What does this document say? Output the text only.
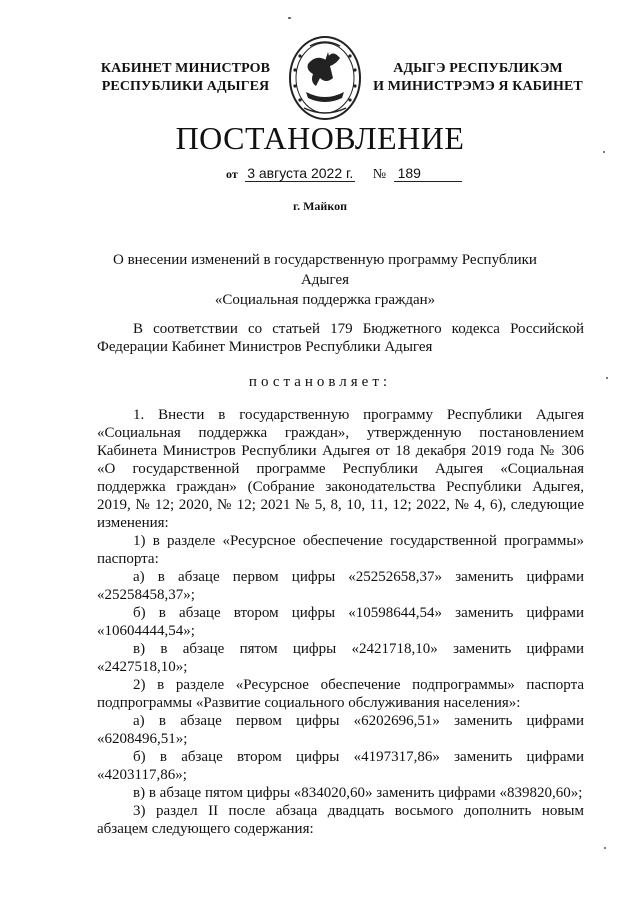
КАБИНЕТ МИНИСТРОВ
РЕСПУБЛИКИ АДЫГЕЯ
АДЫГЭ РЕСПУБЛИКЭМ
И МИНИСТРЭМЭ Я КАБИНЕТ
ПОСТАНОВЛЕНИЕ
от 3 августа 2022 г. № 189
г. Майкоп
О внесении изменений в государственную программу Республики Адыгея
«Социальная поддержка граждан»

В соответствии со статьей 179 Бюджетного кодекса Российской Федерации Кабинет Министров Республики Адыгея

постановляет:

1. Внести в государственную программу Республики Адыгея «Социальная поддержка граждан», утвержденную постановлением Кабинета Министров Республики Адыгея от 18 декабря 2019 года № 306 «О государственной программе Республики Адыгея «Социальная поддержка граждан» (Собрание законодательства Республики Адыгея, 2019, № 12; 2020, № 12; 2021 № 5, 8, 10, 11, 12; 2022, № 4, 6), следующие изменения:

1) в разделе «Ресурсное обеспечение государственной программы» паспорта:

а) в абзаце первом цифры «25252658,37» заменить цифрами «25258458,37»;

б) в абзаце втором цифры «10598644,54» заменить цифрами «10604444,54»;

в) в абзаце пятом цифры «2421718,10» заменить цифрами «2427518,10»;

2) в разделе «Ресурсное обеспечение подпрограммы» паспорта подпрограммы «Развитие социального обслуживания населения»:

а) в абзаце первом цифры «6202696,51» заменить цифрами «6208496,51»;

б) в абзаце втором цифры «4197317,86» заменить цифрами «4203117,86»;

в) в абзаце пятом цифры «834020,60» заменить цифрами «839820,60»;

3) раздел II после абзаца двадцать восьмого дополнить новым абзацем следующего содержания:
